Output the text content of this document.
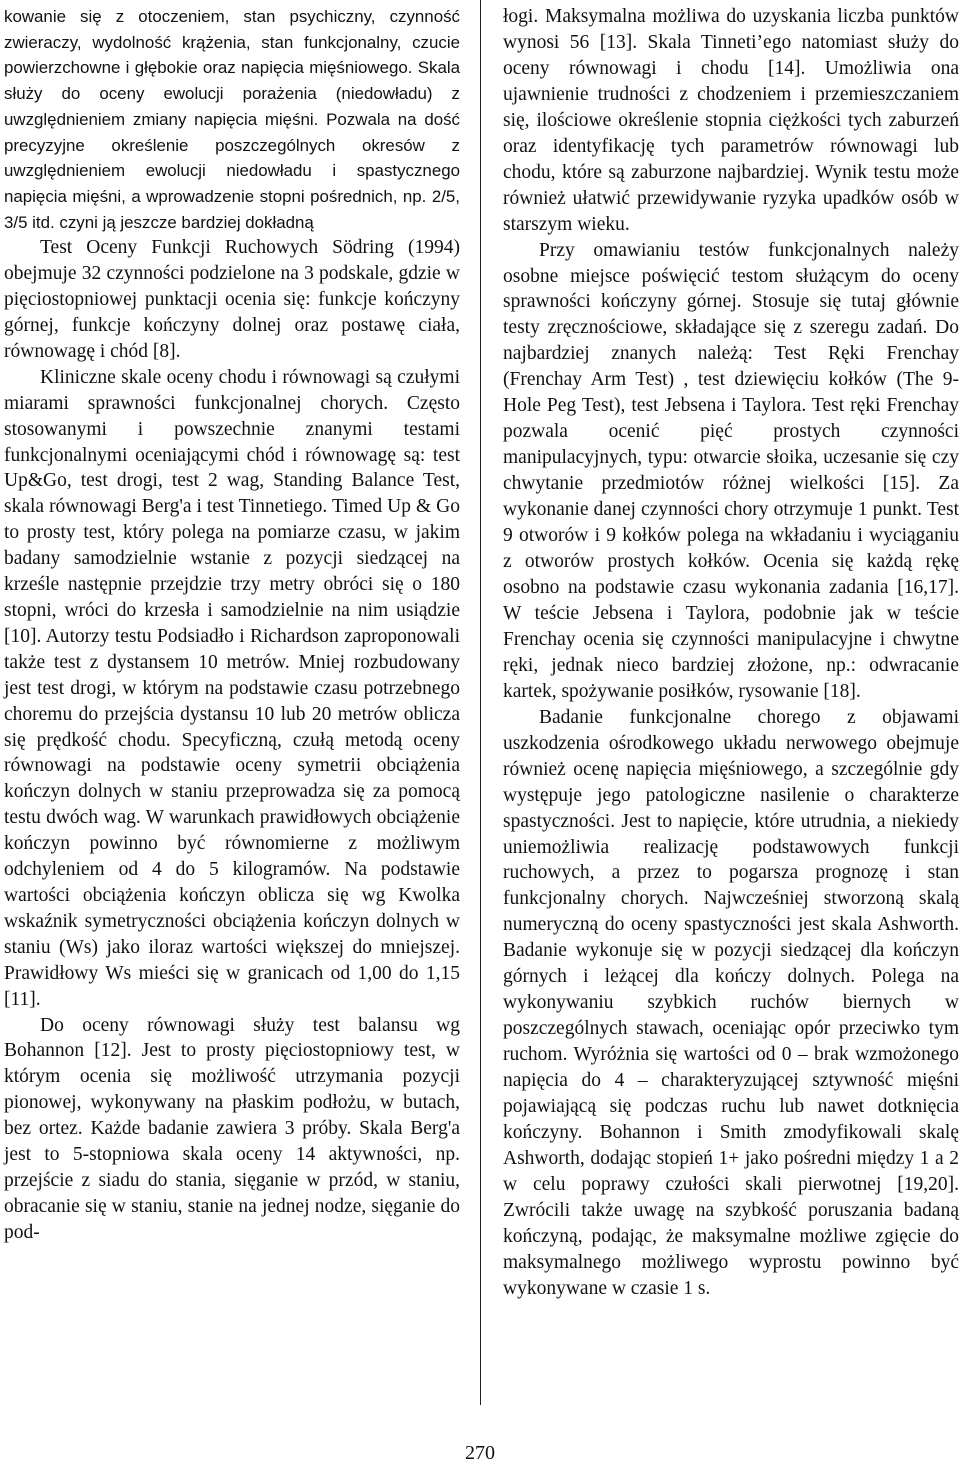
kowanie się z otoczeniem, stan psychiczny, czynność zwieraczy, wydolność krążenia, stan funkcjonalny, czucie powierzchowne i głębokie oraz napięcia mięśniowego. Skala służy do oceny ewolucji porażenia (niedowładu) z uwzględnieniem zmiany napięcia mięśni. Pozwala na dość precyzyjne określenie poszczególnych okresów z uwzględnieniem ewolucji niedowładu i spastycznego napięcia mięśni, a wprowadzenie stopni pośrednich, np. 2/5, 3/5 itd. czyni ją jeszcze bardziej dokładną

Test Oceny Funkcji Ruchowych Södring (1994) obejmuje 32 czynności podzielone na 3 podskale, gdzie w pięciostopniowej punktacji ocenia się: funkcje kończyny górnej, funkcje kończyny dolnej oraz postawę ciała, równowagę i chód [8].

Kliniczne skale oceny chodu i równowagi są czułymi miarami sprawności funkcjonalnej chorych. Często stosowanymi i powszechnie znanymi testami funkcjonalnymi oceniającymi chód i równowagę są: test Up&Go, test drogi, test 2 wag, Standing Balance Test, skala równowagi Berg'a i test Tinnetiego. Timed Up & Go to prosty test, który polega na pomiarze czasu, w jakim badany samodzielnie wstanie z pozycji siedzącej na krześle następnie przejdzie trzy metry obróci się o 180 stopni, wróci do krzesła i samodzielnie na nim usiądzie [10]. Autorzy testu Podsiadło i Richardson zaproponowali także test z dystansem 10 metrów. Mniej rozbudowany jest test drogi, w którym na podstawie czasu potrzebnego choremu do przejścia dystansu 10 lub 20 metrów oblicza się prędkość chodu. Specyficzną, czułą metodą oceny równowagi na podstawie oceny symetrii obciążenia kończyn dolnych w staniu przeprowadza się za pomocą testu dwóch wag. W warunkach prawidłowych obciążenie kończyn powinno być równomierne z możliwym odchyleniem od 4 do 5 kilogramów. Na podstawie wartości obciążenia kończyn oblicza się wg Kwolka wskaźnik symetryczności obciążenia kończyn dolnych w staniu (Ws) jako iloraz wartości większej do mniejszej. Prawidłowy Ws mieści się w granicach od 1,00 do 1,15 [11].

Do oceny równowagi służy test balansu wg Bohannon [12]. Jest to prosty pięciostopniowy test, w którym ocenia się możliwość utrzymania pozycji pionowej, wykonywany na płaskim podłożu, w butach, bez ortez. Każde badanie zawiera 3 próby. Skala Berg'a jest to 5-stopniowa skala oceny 14 aktywności, np. przejście z siadu do stania, sięganie w przód, w staniu, obracanie się w staniu, stanie na jednej nodze, sięganie do pod-

łogi. Maksymalna możliwa do uzyskania liczba punktów wynosi 56 [13]. Skala Tinneti’ego natomiast służy do oceny równowagi i chodu [14]. Umożliwia ona ujawnienie trudności z chodzeniem i przemieszczaniem się, ilościowe określenie stopnia ciężkości tych zaburzeń oraz identyfikację tych parametrów równowagi lub chodu, które są zaburzone najbardziej. Wynik testu może również ułatwić przewidywanie ryzyka upadków osób w starszym wieku.

Przy omawianiu testów funkcjonalnych należy osobne miejsce poświęcić testom służącym do oceny sprawności kończyny górnej. Stosuje się tutaj głównie testy zręcznościowe, składające się z szeregu zadań. Do najbardziej znanych należą: Test Ręki Frenchay (Frenchay Arm Test) , test dziewięciu kołków (The 9-Hole Peg Test), test Jebsena i Taylora. Test ręki Frenchay pozwala ocenić pięć prostych czynności manipulacyjnych, typu: otwarcie słoika, uczesanie się czy chwytanie przedmiotów różnej wielkości [15]. Za wykonanie danej czynności chory otrzymuje 1 punkt. Test 9 otworów i 9 kołków polega na wkładaniu i wyciąganiu z otworów prostych kołków. Ocenia się każdą rękę osobno na podstawie czasu wykonania zadania [16,17]. W teście Jebsena i Taylora, podobnie jak w teście Frenchay ocenia się czynności manipulacyjne i chwytne ręki, jednak nieco bardziej złożone, np.: odwracanie kartek, spożywanie posiłków, rysowanie [18].

Badanie funkcjonalne chorego z objawami uszkodzenia ośrodkowego układu nerwowego obejmuje również ocenę napięcia mięśniowego, a szczególnie gdy występuje jego patologiczne nasilenie o charakterze spastyczności. Jest to napięcie, które utrudnia, a niekiedy uniemożliwia realizację podstawowych funkcji ruchowych, a przez to pogarsza prognozę i stan funkcjonalny chorych. Najwcześniej stworzoną skalą numeryczną do oceny spastyczności jest skala Ashworth. Badanie wykonuje się w pozycji siedzącej dla kończyn górnych i leżącej dla kończy dolnych. Polega na wykonywaniu szybkich ruchów biernych w poszczególnych stawach, oceniając opór przeciwko tym ruchom. Wyróżnia się wartości od 0 – brak wzmożonego napięcia do 4 – charakteryzującej sztywność mięśni pojawiającą się podczas ruchu lub nawet dotknięcia kończyny. Bohannon i Smith zmodyfikowali skalę Ashworth, dodając stopień 1+ jako pośredni między 1 a 2 w celu poprawy czułości skali pierwotnej [19,20]. Zwrócili także uwagę na szybkość poruszania badaną kończyną, podając, że maksymalne możliwe zgięcie do maksymalnego możliwego wyprostu powinno być wykonywane w czasie 1 s.

270
